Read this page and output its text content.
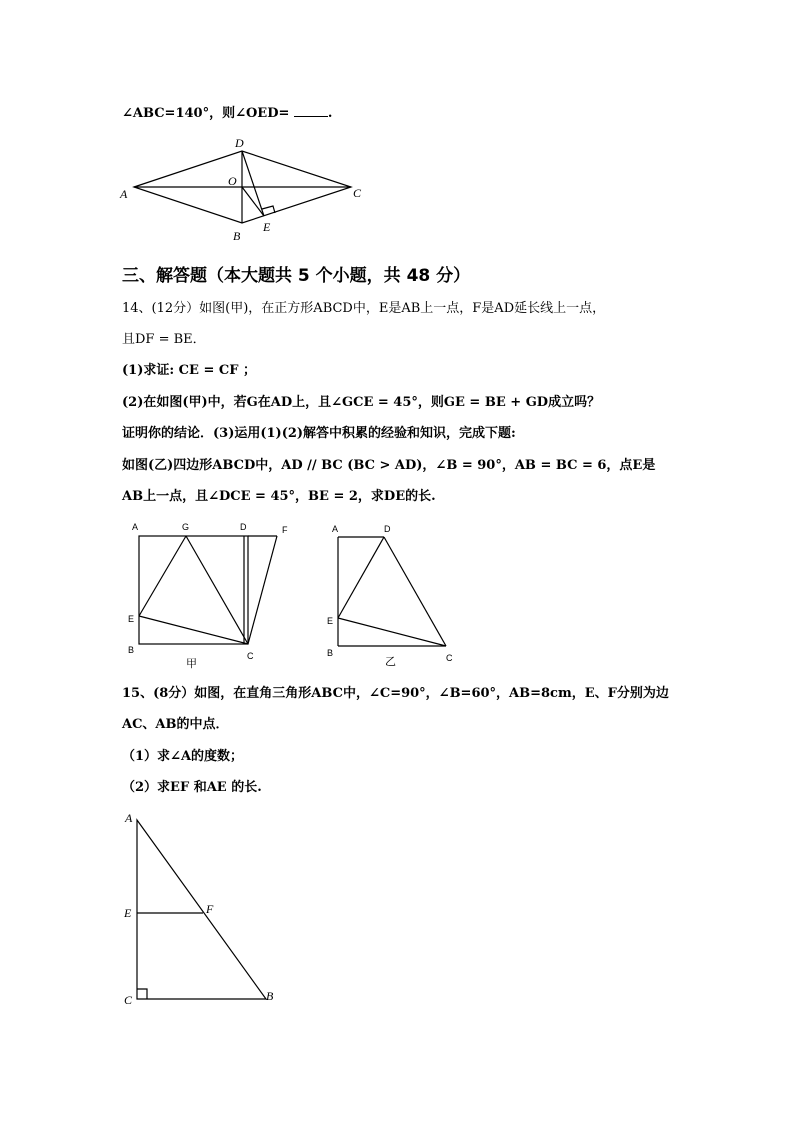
∠ABC=140°，则∠OED=	.
A
D
O
C
B
E
A	G	D	F
E
B
C
甲
A	D
E
B	C
乙
A
E	F
C	B
三、解答题（本大题共 5 个小题，共 48 分）
14、(12分）如图(甲)，在正方形ABCD中，E是AB上一点，F是AD延长线上一点，
且DF = BE．
(1)求证: CE = CF ；
(2)在如图(甲)中，若G在AD上，且∠GCE = 45°，则GE = BE + GD成立吗？
证明你的结论．(3)运用(1)(2)解答中积累的经验和知识，完成下题:
如图(乙)四边形ABCD中，AD // BC (BC > AD)，∠B = 90°，AB = BC = 6，点E是
AB上一点，且∠DCE = 45°，BE = 2，求DE的长.
15、(8分）如图，在直角三角形ABC中，∠C=90°，∠B=60°，AB=8cm，E、F分别为边
AC、AB的中点．
（1）求∠A的度数；
（2）求EF 和AE 的长.
